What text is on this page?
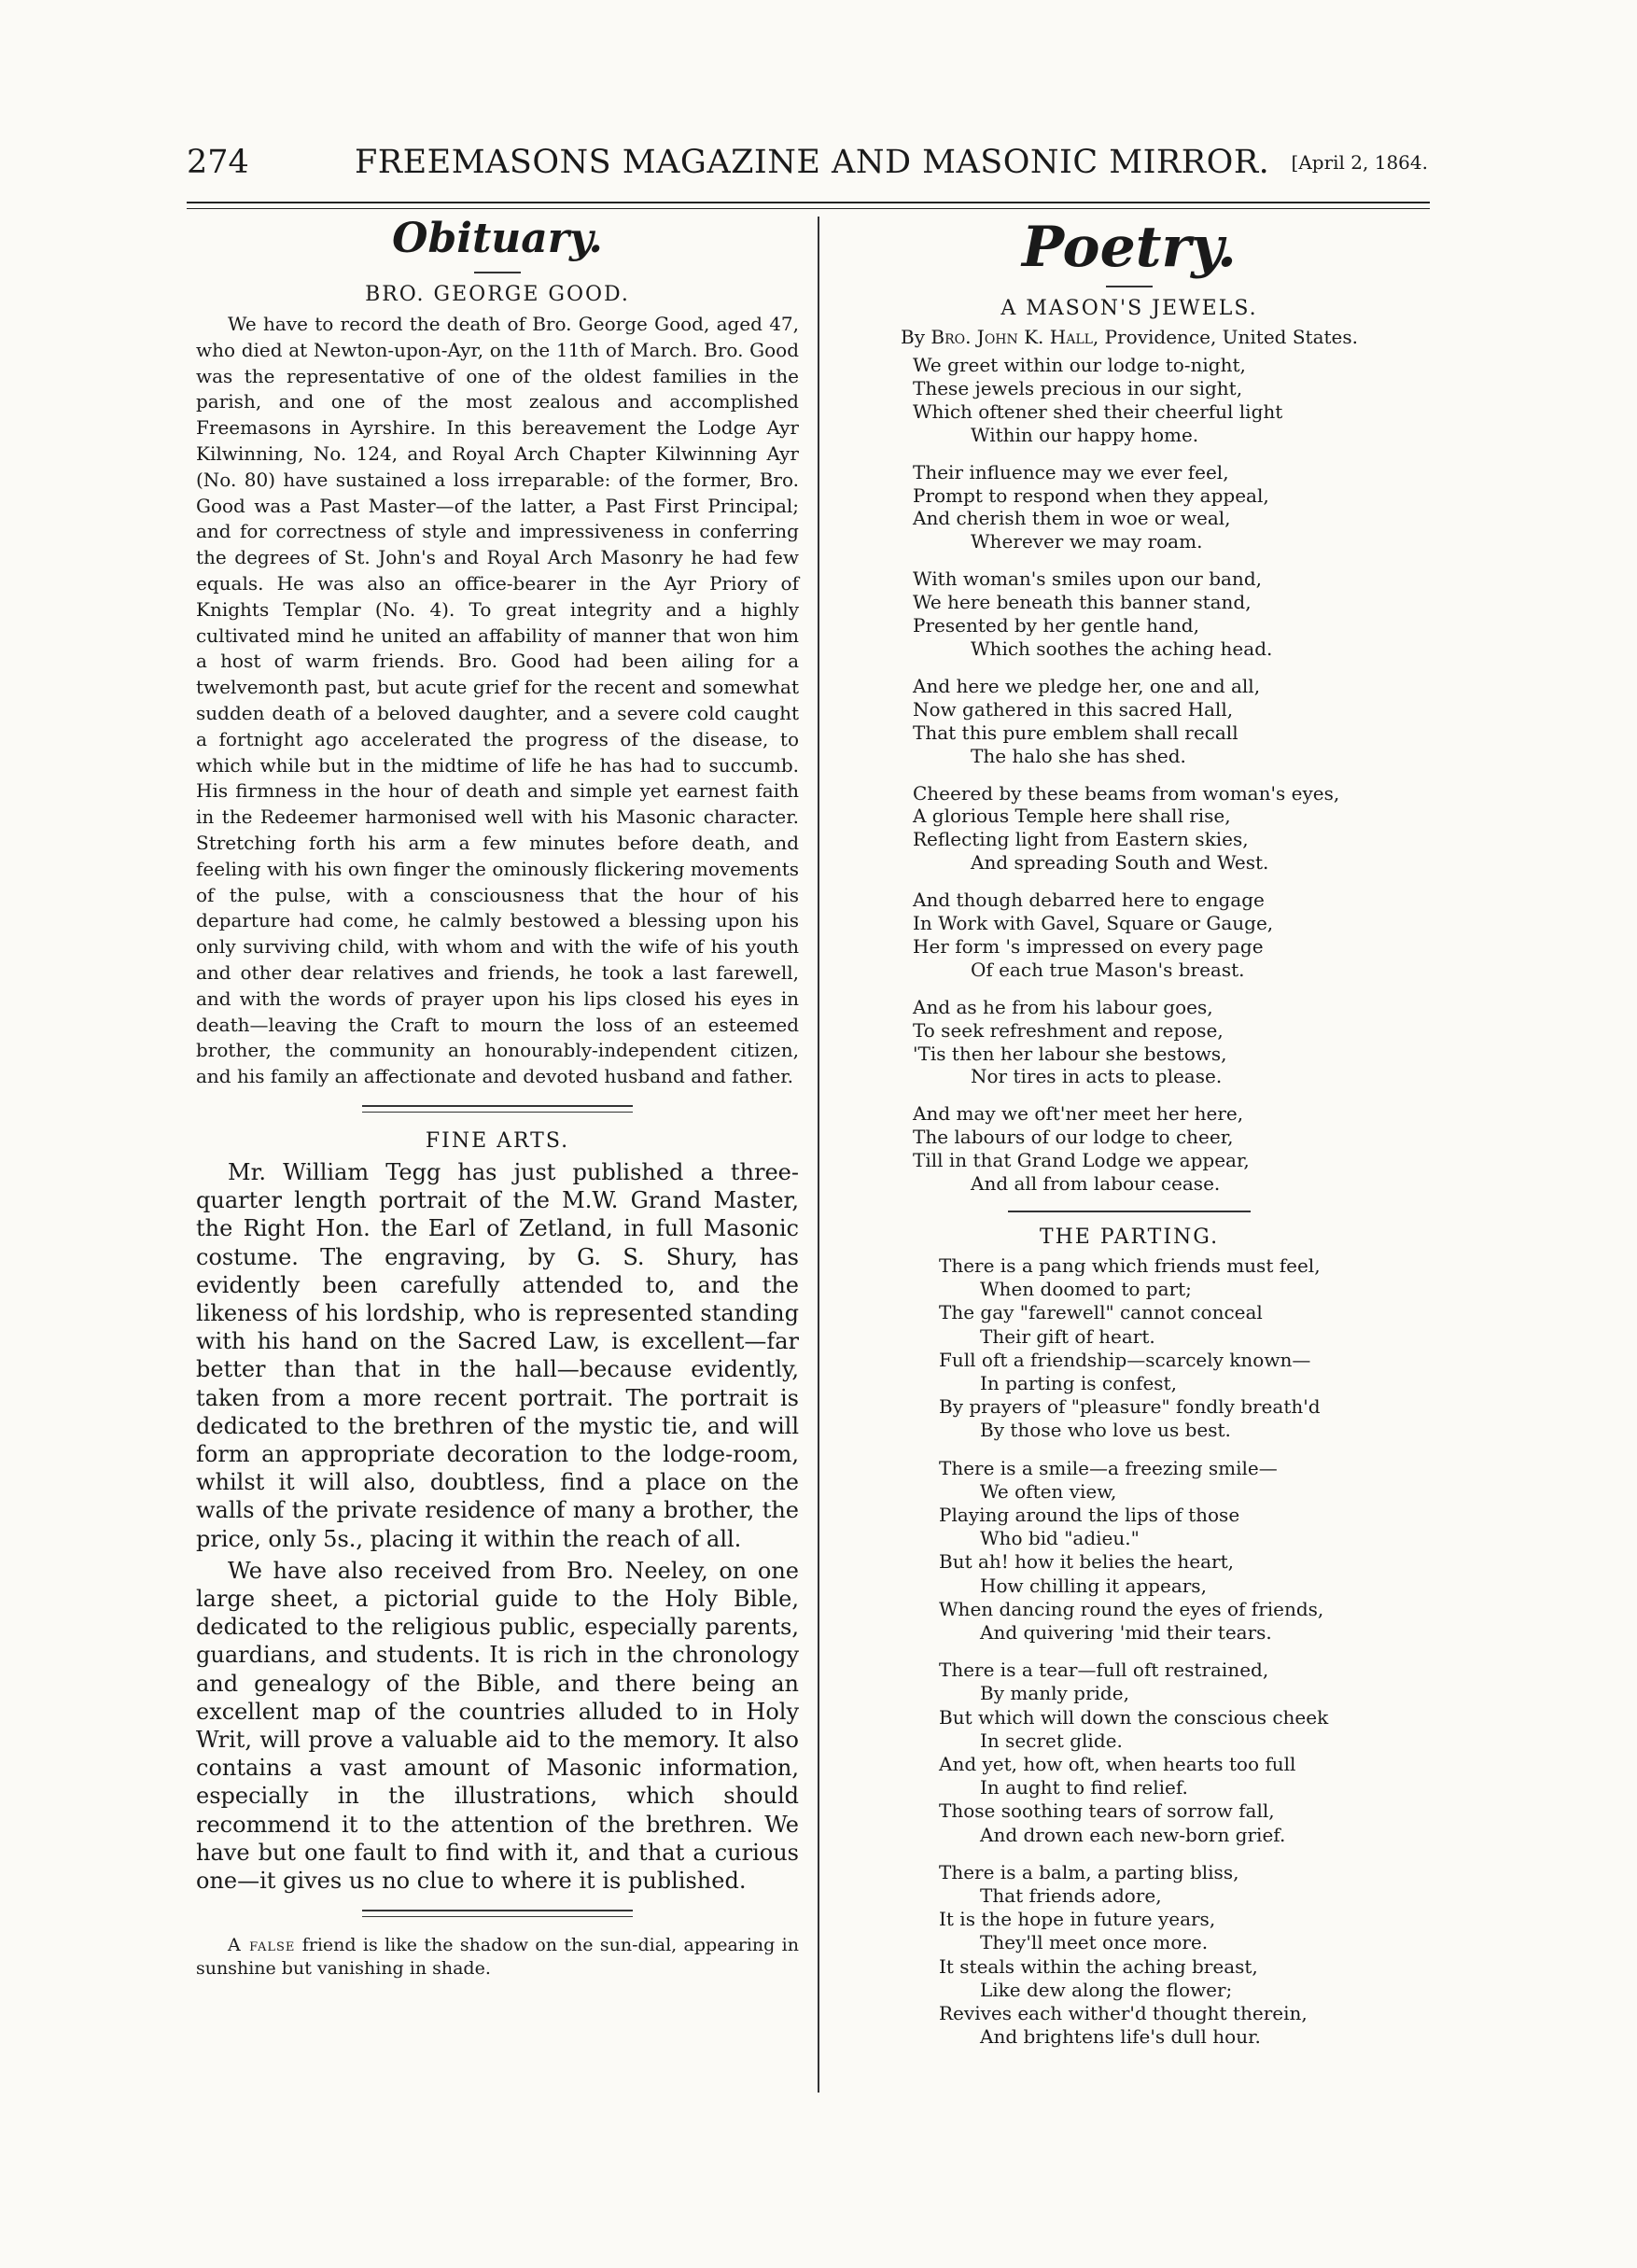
274	FREEMASONS MAGAZINE AND MASONIC MIRROR. [April 2, 1864.
Obituary.
BRO. GEORGE GOOD.

We have to record the death of Bro. George Good, aged 47, who died at Newton-upon-Ayr, on the 11th of March. Bro. Good was the representative of one of the oldest families in the parish, and one of the most zealous and accomplished Freemasons in Ayrshire. In this bereavement the Lodge Ayr Kilwinning, No. 124, and Royal Arch Chapter Kilwinning Ayr (No. 80) have sustained a loss irreparable: of the former, Bro. Good was a Past Master—of the latter, a Past First Principal; and for correctness of style and impressiveness in conferring the degrees of St. John's and Royal Arch Masonry he had few equals. He was also an office-bearer in the Ayr Priory of Knights Templar (No. 4). To great integrity and a highly cultivated mind he united an affability of manner that won him a host of warm friends. Bro. Good had been ailing for a twelvemonth past, but acute grief for the recent and somewhat sudden death of a beloved daughter, and a severe cold caught a fortnight ago accelerated the progress of the disease, to which while but in the midtime of life he has had to succumb. His firmness in the hour of death and simple yet earnest faith in the Redeemer harmonised well with his Masonic character. Stretching forth his arm a few minutes before death, and feeling with his own finger the ominously flickering movements of the pulse, with a consciousness that the hour of his departure had come, he calmly bestowed a blessing upon his only surviving child, with whom and with the wife of his youth and other dear relatives and friends, he took a last farewell, and with the words of prayer upon his lips closed his eyes in death—leaving the Craft to mourn the loss of an esteemed brother, the community an honourably-independent citizen, and his family an affectionate and devoted husband and father.

FINE ARTS.

Mr. William Tegg has just published a three-quarter length portrait of the M.W. Grand Master, the Right Hon. the Earl of Zetland, in full Masonic costume. The engraving, by G. S. Shury, has evidently been carefully attended to, and the likeness of his lordship, who is represented standing with his hand on the Sacred Law, is excellent—far better than that in the hall—because evidently, taken from a more recent portrait. The portrait is dedicated to the brethren of the mystic tie, and will form an appropriate decoration to the lodge-room, whilst it will also, doubtless, find a place on the walls of the private residence of many a brother, the price, only 5s., placing it within the reach of all.

We have also received from Bro. Neeley, on one large sheet, a pictorial guide to the Holy Bible, dedicated to the religious public, especially parents, guardians, and students. It is rich in the chronology and genealogy of the Bible, and there being an excellent map of the countries alluded to in Holy Writ, will prove a valuable aid to the memory. It also contains a vast amount of Masonic information, especially in the illustrations, which should recommend it to the attention of the brethren. We have but one fault to find with it, and that a curious one—it gives us no clue to where it is published.

A false friend is like the shadow on the sun-dial, appearing in sunshine but vanishing in shade.

Poetry.
A MASON'S JEWELS.

By Bro. John K. Hall, Providence, United States.

We greet within our lodge to-night,
These jewels precious in our sight,
Which oftener shed their cheerful light
Within our happy home.
Their influence may we ever feel,
Prompt to respond when they appeal,
And cherish them in woe or weal,
Wherever we may roam.
With woman's smiles upon our band,
We here beneath this banner stand,
Presented by her gentle hand,
Which soothes the aching head.
And here we pledge her, one and all,
Now gathered in this sacred Hall,
That this pure emblem shall recall
The halo she has shed.
Cheered by these beams from woman's eyes,
A glorious Temple here shall rise,
Reflecting light from Eastern skies,
And spreading South and West.
And though debarred here to engage
In Work with Gavel, Square or Gauge,
Her form 's impressed on every page
Of each true Mason's breast.
And as he from his labour goes,
To seek refreshment and repose,
'Tis then her labour she bestows,
Nor tires in acts to please.
And may we oft'ner meet her here,
The labours of our lodge to cheer,
Till in that Grand Lodge we appear,
And all from labour cease.
THE PARTING.
There is a pang which friends must feel,
When doomed to part;
The gay "farewell" cannot conceal
Their gift of heart.
Full oft a friendship—scarcely known—
In parting is confest,
By prayers of "pleasure" fondly breath'd
By those who love us best.
There is a smile—a freezing smile—
We often view,
Playing around the lips of those
Who bid "adieu."
But ah! how it belies the heart,
How chilling it appears,
When dancing round the eyes of friends,
And quivering 'mid their tears.
There is a tear—full oft restrained,
By manly pride,
But which will down the conscious cheek
In secret glide.
And yet, how oft, when hearts too full
In aught to find relief.
Those soothing tears of sorrow fall,
And drown each new-born grief.
There is a balm, a parting bliss,
That friends adore,
It is the hope in future years,
They'll meet once more.
It steals within the aching breast,
Like dew along the flower;
Revives each wither'd thought therein,
And brightens life's dull hour.
